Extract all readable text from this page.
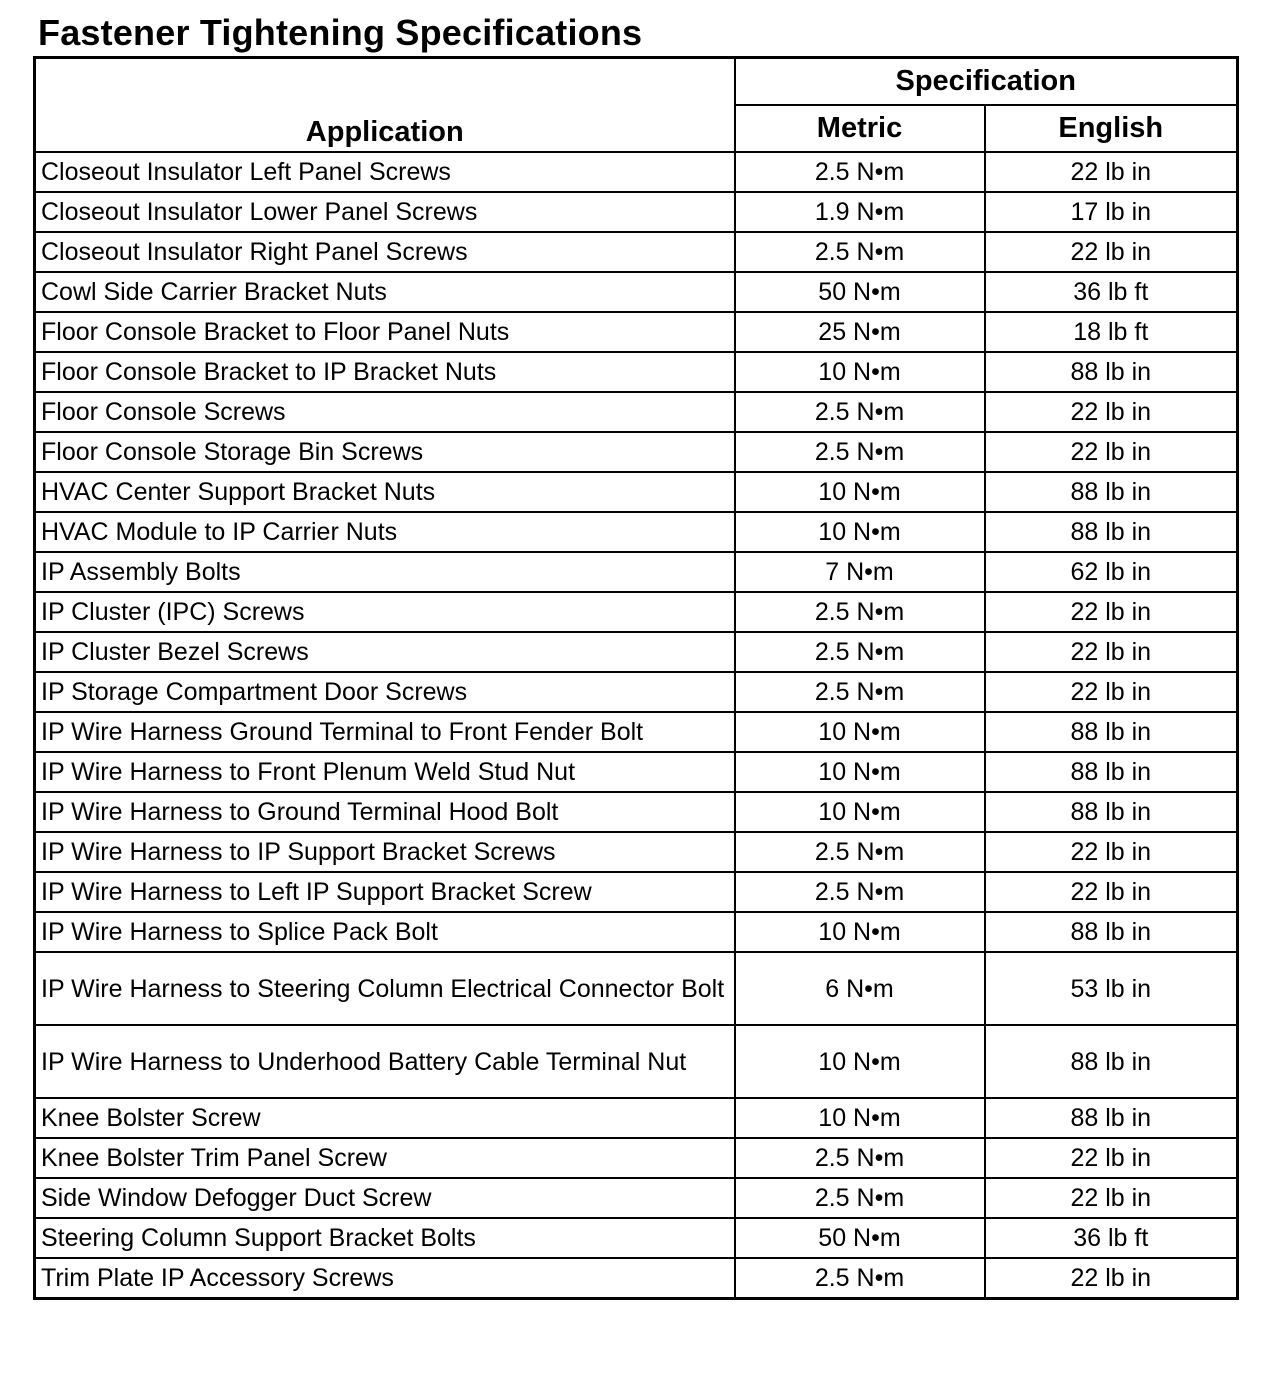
Fastener Tightening Specifications
Application	Specification	
	Metric	English
Closeout Insulator Left Panel Screws	2.5 N•m	22 lb in
Closeout Insulator Lower Panel Screws	1.9 N•m	17 lb in
Closeout Insulator Right Panel Screws	2.5 N•m	22 lb in
Cowl Side Carrier Bracket Nuts	50 N•m	36 lb ft
Floor Console Bracket to Floor Panel Nuts	25 N•m	18 lb ft
Floor Console Bracket to IP Bracket Nuts	10 N•m	88 lb in
Floor Console Screws	2.5 N•m	22 lb in
Floor Console Storage Bin Screws	2.5 N•m	22 lb in
HVAC Center Support Bracket Nuts	10 N•m	88 lb in
HVAC Module to IP Carrier Nuts	10 N•m	88 lb in
IP Assembly Bolts	7 N•m	62 lb in
IP Cluster (IPC) Screws	2.5 N•m	22 lb in
IP Cluster Bezel Screws	2.5 N•m	22 lb in
IP Storage Compartment Door Screws	2.5 N•m	22 lb in
IP Wire Harness Ground Terminal to Front Fender Bolt	10 N•m	88 lb in
IP Wire Harness to Front Plenum Weld Stud Nut	10 N•m	88 lb in
IP Wire Harness to Ground Terminal Hood Bolt	10 N•m	88 lb in
IP Wire Harness to IP Support Bracket Screws	2.5 N•m	22 lb in
IP Wire Harness to Left IP Support Bracket Screw	2.5 N•m	22 lb in
IP Wire Harness to Splice Pack Bolt	10 N•m	88 lb in
IP Wire Harness to Steering Column Electrical Connector Bolt	6 N•m	53 lb in
IP Wire Harness to Underhood Battery Cable Terminal Nut	10 N•m	88 lb in
Knee Bolster Screw	10 N•m	88 lb in
Knee Bolster Trim Panel Screw	2.5 N•m	22 lb in
Side Window Defogger Duct Screw	2.5 N•m	22 lb in
Steering Column Support Bracket Bolts	50 N•m	36 lb ft
Trim Plate IP Accessory Screws	2.5 N•m	22 lb in
